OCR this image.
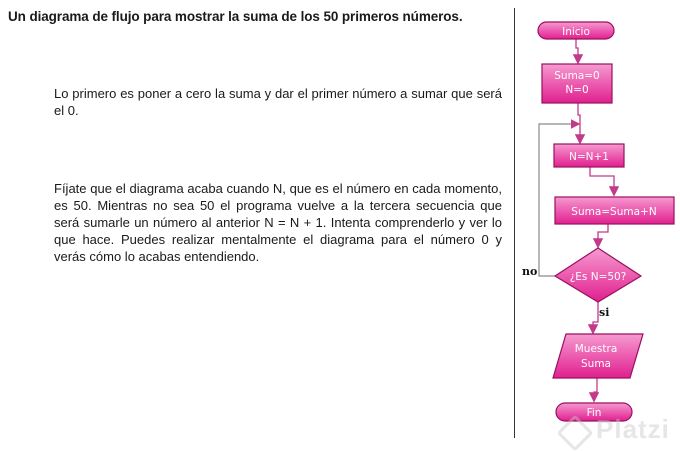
Un diagrama de flujo para mostrar la suma de los 50 primeros números.

Lo primero es poner a cero la suma y dar el primer número a sumar que será el 0.

Fíjate que el diagrama acaba cuando N, que es el número en cada momento, es 50. Mientras no sea 50 el programa vuelve a la tercera secuencia que será sumarle un número al anterior N = N + 1. Intenta comprenderlo y ver lo que hace. Puedes realizar mentalmente el diagrama para el número 0 y verás cómo lo acabas entendiendo.

Inicio
Suma=0
N=0
N=N+1
Suma=Suma+N
¿Es N=50?
no
si
Muestra
Suma
Fin
Platzi
